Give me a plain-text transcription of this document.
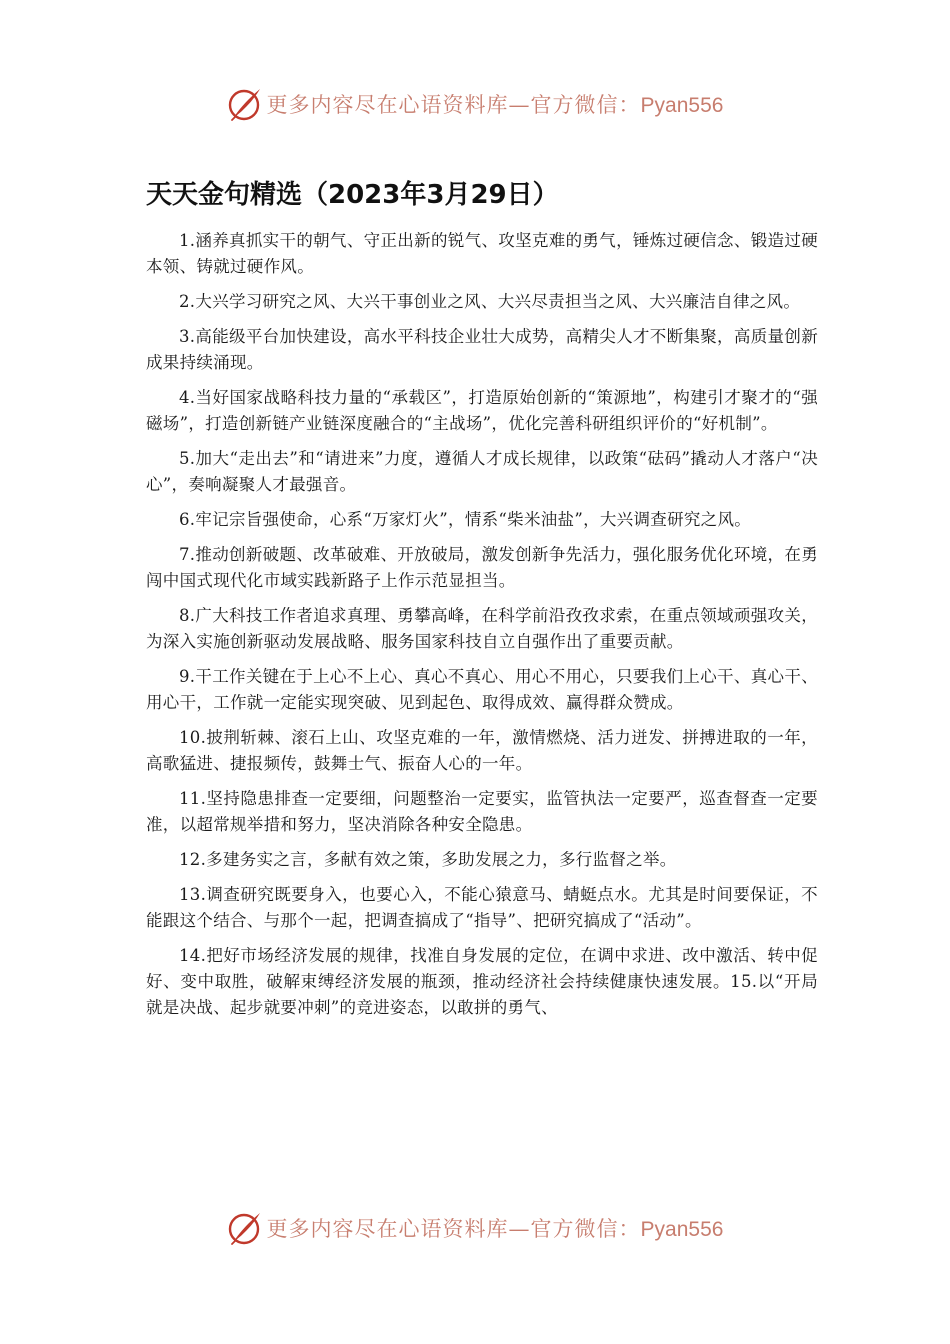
更多内容尽在心语资料库—官方微信：Pyan556
天天金句精选（2023年3月29日）

1.涵养真抓实干的朝气、守正出新的锐气、攻坚克难的勇气，锤炼过硬信念、锻造过硬本领、铸就过硬作风。

2.大兴学习研究之风、大兴干事创业之风、大兴尽责担当之风、大兴廉洁自律之风。

3.高能级平台加快建设，高水平科技企业壮大成势，高精尖人才不断集聚，高质量创新成果持续涌现。

4.当好国家战略科技力量的“承载区”，打造原始创新的“策源地”，构建引才聚才的“强磁场”，打造创新链产业链深度融合的“主战场”，优化完善科研组织评价的“好机制”。

5.加大“走出去”和“请进来”力度，遵循人才成长规律，以政策“砝码”撬动人才落户“决心”，奏响凝聚人才最强音。

6.牢记宗旨强使命，心系“万家灯火”，情系“柴米油盐”，大兴调查研究之风。

7.推动创新破题、改革破难、开放破局，激发创新争先活力，强化服务优化环境，在勇闯中国式现代化市域实践新路子上作示范显担当。

8.广大科技工作者追求真理、勇攀高峰，在科学前沿孜孜求索，在重点领域顽强攻关，为深入实施创新驱动发展战略、服务国家科技自立自强作出了重要贡献。

9.干工作关键在于上心不上心、真心不真心、用心不用心，只要我们上心干、真心干、用心干，工作就一定能实现突破、见到起色、取得成效、赢得群众赞成。

10.披荆斩棘、滚石上山、攻坚克难的一年，激情燃烧、活力迸发、拼搏进取的一年，高歌猛进、捷报频传，鼓舞士气、振奋人心的一年。

11.坚持隐患排查一定要细，问题整治一定要实，监管执法一定要严，巡查督查一定要准，以超常规举措和努力，坚决消除各种安全隐患。

12.多建务实之言，多献有效之策，多助发展之力，多行监督之举。

13.调查研究既要身入，也要心入，不能心猿意马、蜻蜓点水。尤其是时间要保证，不能跟这个结合、与那个一起，把调查搞成了“指导”、把研究搞成了“活动”。

14.把好市场经济发展的规律，找准自身发展的定位，在调中求进、改中激活、转中促好、变中取胜，破解束缚经济发展的瓶颈，推动经济社会持续健康快速发展。15.以“开局就是决战、起步就要冲刺”的竞进姿态，以敢拼的勇气、

更多内容尽在心语资料库—官方微信：Pyan556
